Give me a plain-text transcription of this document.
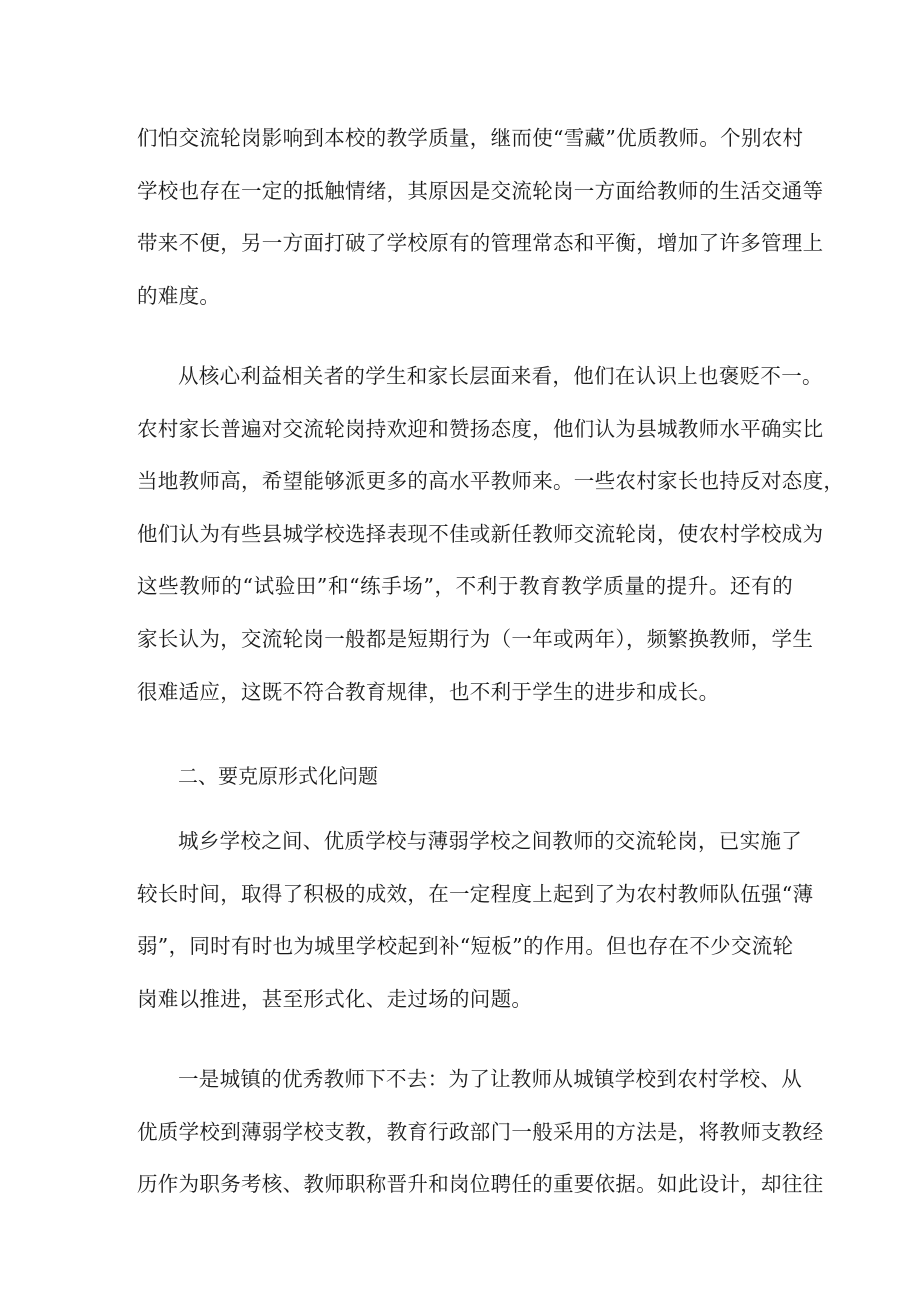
们怕交流轮岗影响到本校的教学质量，继而使“雪藏”优质教师。个别农村
学校也存在一定的抵触情绪，其原因是交流轮岗一方面给教师的生活交通等
带来不便，另一方面打破了学校原有的管理常态和平衡，增加了许多管理上
的难度。
从核心利益相关者的学生和家长层面来看，他们在认识上也褒贬不一。
农村家长普遍对交流轮岗持欢迎和赞扬态度，他们认为县城教师水平确实比
当地教师高，希望能够派更多的高水平教师来。一些农村家长也持反对态度，
他们认为有些县城学校选择表现不佳或新任教师交流轮岗，使农村学校成为
这些教师的“试验田”和“练手场”，不利于教育教学质量的提升。还有的
家长认为，交流轮岗一般都是短期行为（一年或两年），频繁换教师，学生
很难适应，这既不符合教育规律，也不利于学生的进步和成长。
二、要克原形式化问题
城乡学校之间、优质学校与薄弱学校之间教师的交流轮岗，已实施了
较长时间，取得了积极的成效，在一定程度上起到了为农村教师队伍强“薄
弱”，同时有时也为城里学校起到补“短板”的作用。但也存在不少交流轮
岗难以推进，甚至形式化、走过场的问题。
一是城镇的优秀教师下不去：为了让教师从城镇学校到农村学校、从
优质学校到薄弱学校支教，教育行政部门一般采用的方法是，将教师支教经
历作为职务考核、教师职称晋升和岗位聘任的重要依据。如此设计，却往往
